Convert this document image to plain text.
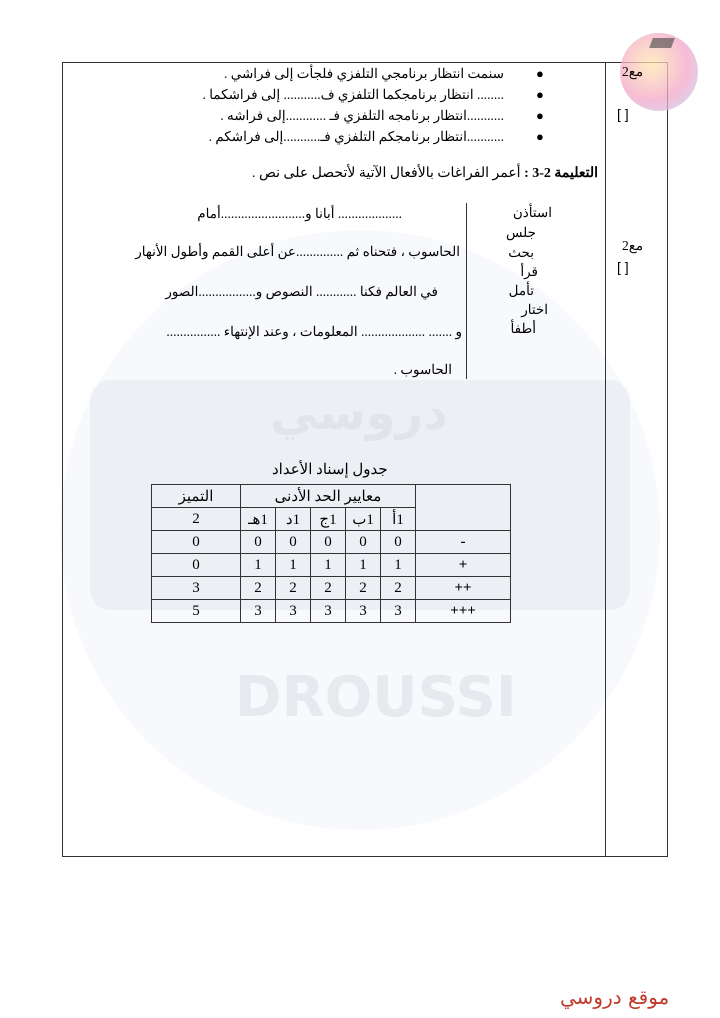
دروسي
DROUSSI
مع2
[ ]
مع2
[ ]
●
●
●
●
سنمت انتظار برنامجي التلفزي فلجأت إلى فراشي .
........ انتظار برنامجكما التلفزي ف........... إلى فراشكما .
...........انتظار برنامجه التلفزي فـ ............إلى فراشه .
...........انتظار برنامجكم التلفزي فـ...........إلى فراشكم .
التعليمة 2-3 : أعمر الفراغات بالأفعال الآتية لأتحصل على نص .
استأذن
جلس
بحث
قرأ
تأمل
اختار
أطفأ
................... أبانا و.........................أمام
الحاسوب ، فتحناه ثم ..............عن أعلى القمم وأطول الأنهار
في العالم فكنا ............ النصوص و.................الصور
و ....... ................... المعلومات ، وعند الإنتهاء ................
الحاسوب .
جدول إسناد الأعداد
	معايير الحد الأدنى					التميز
	1أ	1ب	1ج	1د	1هـ	2
-	0	0	0	0	0	0
+	1	1	1	1	1	0
++	2	2	2	2	2	3
+++	3	3	3	3	3	5
موقع دروسي
